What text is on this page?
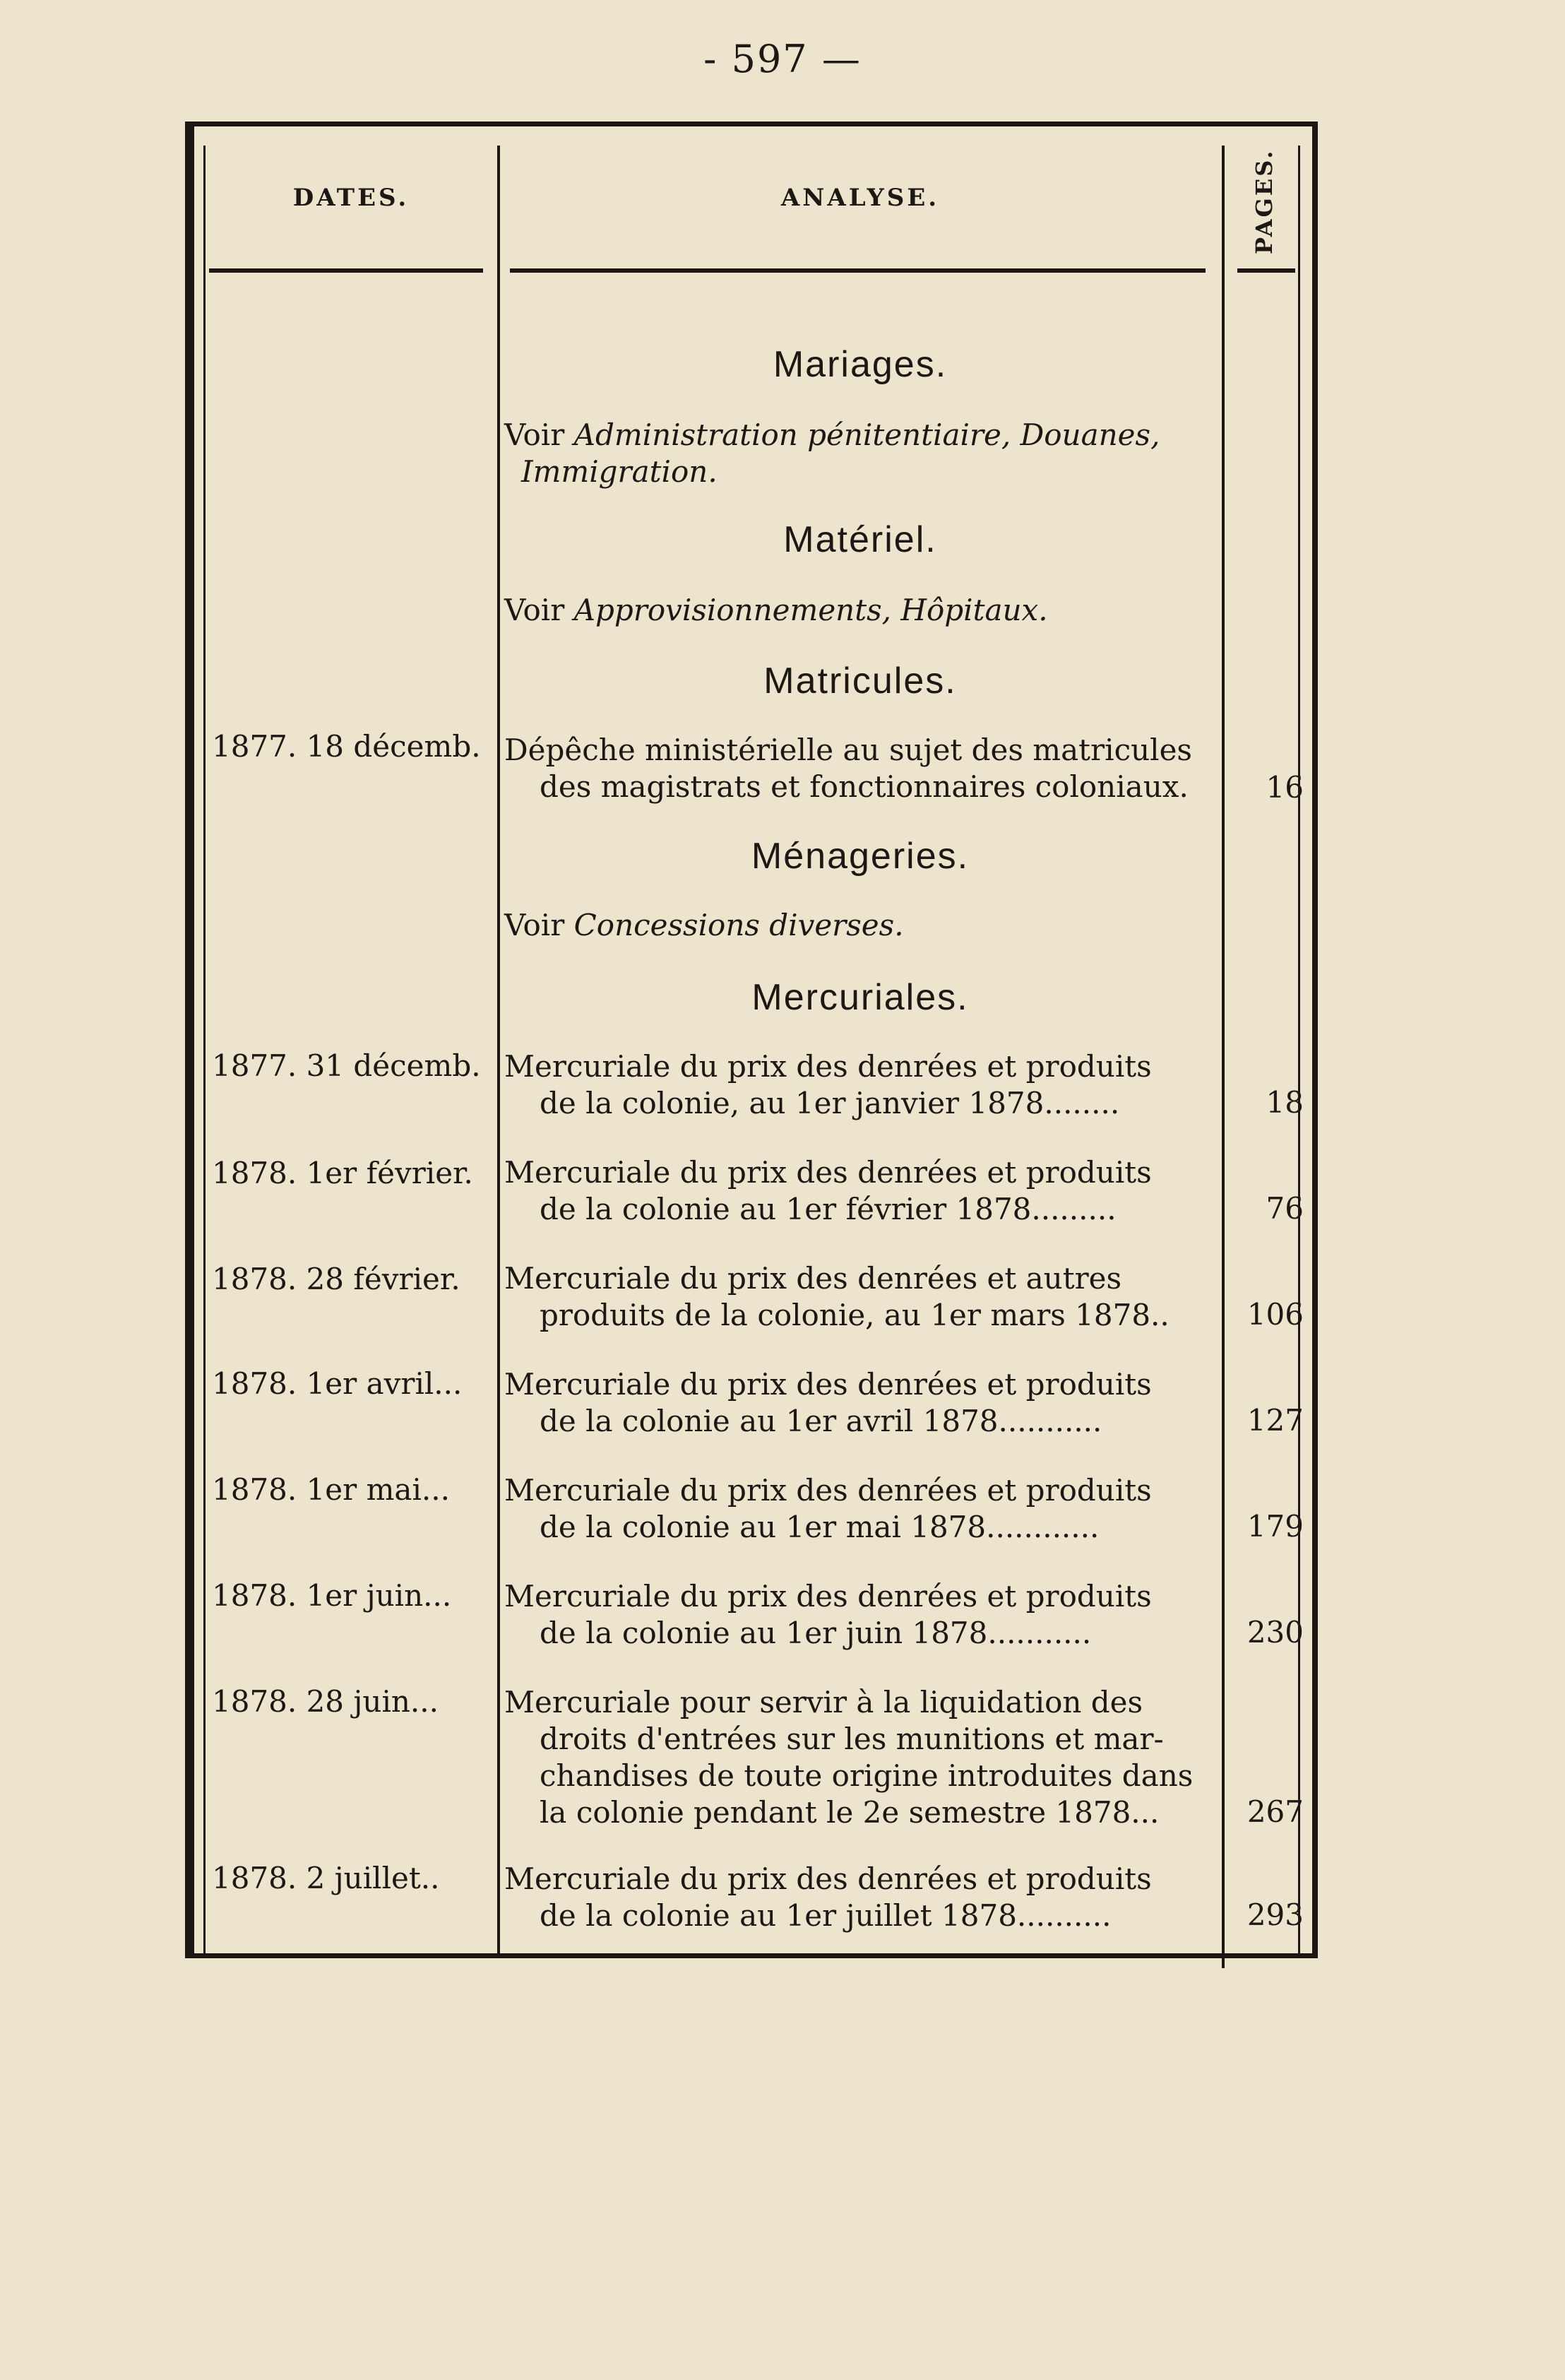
- 597 —
DATES.	ANALYSE.	PAGES.
Mariages.
Voir Administration pénitentiaire, Douanes,
Immigration.
Matériel.
Voir Approvisionnements, Hôpitaux.
Matricules.
1877. 18 décemb. Dépêche ministérielle au sujet des matricules
des magistrats et fonctionnaires coloniaux.	16
Ménageries.
Voir Concessions diverses.
Mercuriales.
1877. 31 décemb. Mercuriale du prix des denrées et produits
de la colonie, au 1er janvier 1878........	18
1878. 1er février.	Mercuriale du prix des denrées et produits
de la colonie au 1er février 1878.........	76
1878. 28 février.	Mercuriale du prix des denrées et autres
produits de la colonie, au 1er mars 1878..	106
1878. 1er avril...	Mercuriale du prix des denrées et produits
de la colonie au 1er avril 1878...........	127
1878. 1er mai...	Mercuriale du prix des denrées et produits
de la colonie au 1er mai 1878............	179
1878. 1er juin...	Mercuriale du prix des denrées et produits
de la colonie au 1er juin 1878...........	230
1878. 28 juin...	Mercuriale pour servir à la liquidation des
droits d'entrées sur les munitions et mar-
chandises de toute origine introduites dans
la colonie pendant le 2e semestre 1878...	267
1878. 2 juillet..	Mercuriale du prix des denrées et produits
de la colonie au 1er juillet 1878..........	293
